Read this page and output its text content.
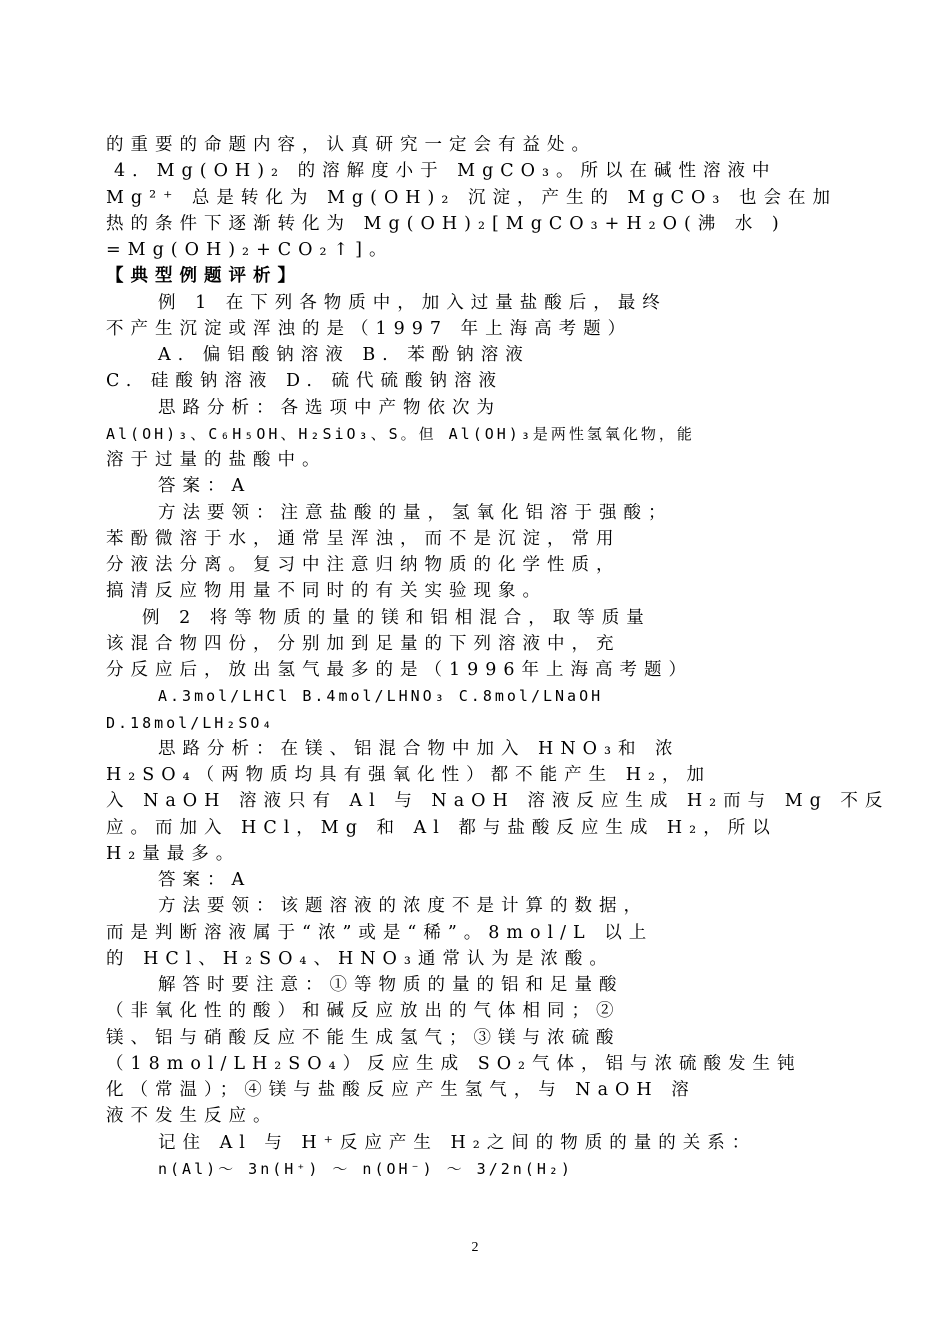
的重要的命题内容，认真研究一定会有益处。
4．Mg(OH)₂ 的溶解度小于 MgCO₃。所以在碱性溶液中
Mg²⁺ 总是转化为 Mg(OH)₂ 沉淀，产生的 MgCO₃ 也会在加
热的条件下逐渐转化为 Mg(OH)₂[MgCO₃+H₂O(沸 水 )
=Mg(OH)₂+CO₂↑]。
【典型例题评析】
例 1 在下列各物质中，加入过量盐酸后，最终
不产生沉淀或浑浊的是（1997 年上海高考题）
A. 偏铝酸钠溶液 B. 苯酚钠溶液
C. 硅酸钠溶液 D. 硫代硫酸钠溶液
思路分析：各选项中产物依次为
Al(OH)₃、C₆H₅OH、H₂SiO₃、S。但 Al(OH)₃是两性氢氧化物，能
溶于过量的盐酸中。
答案：A
方法要领：注意盐酸的量，氢氧化铝溶于强酸；
苯酚微溶于水，通常呈浑浊，而不是沉淀，常用
分液法分离。复习中注意归纳物质的化学性质，
搞清反应物用量不同时的有关实验现象。
例 2 将等物质的量的镁和铝相混合，取等质量
该混合物四份，分别加到足量的下列溶液中，充
分反应后，放出氢气最多的是（1996年上海高考题）
A.3mol/LHCl B.4mol/LHNO₃ C.8mol/LNaOH
D.18mol/LH₂SO₄
思路分析：在镁、铝混合物中加入 HNO₃和 浓
H₂SO₄（两物质均具有强氧化性）都不能产生 H₂，加
入 NaOH 溶液只有 Al 与 NaOH 溶液反应生成 H₂而与 Mg 不反
应。而加入 HCl，Mg 和 Al 都与盐酸反应生成 H₂，所以
H₂量最多。
答案：A
方法要领：该题溶液的浓度不是计算的数据，
而是判断溶液属于“浓”或是“稀”。8mol/L 以上
的 HCl、H₂SO₄、HNO₃通常认为是浓酸。
解答时要注意：①等物质的量的铝和足量酸
（非氧化性的酸）和碱反应放出的气体相同；②
镁、铝与硝酸反应不能生成氢气；③镁与浓硫酸
（18mol/LH₂SO₄）反应生成 SO₂气体，铝与浓硫酸发生钝
化（常温）；④镁与盐酸反应产生氢气，与 NaOH 溶
液不发生反应。
记住 Al 与 H⁺反应产生 H₂之间的物质的量的关系：
n(Al)～ 3n(H⁺) ～ n(OH⁻) ～ 3/2n(H₂)
2
